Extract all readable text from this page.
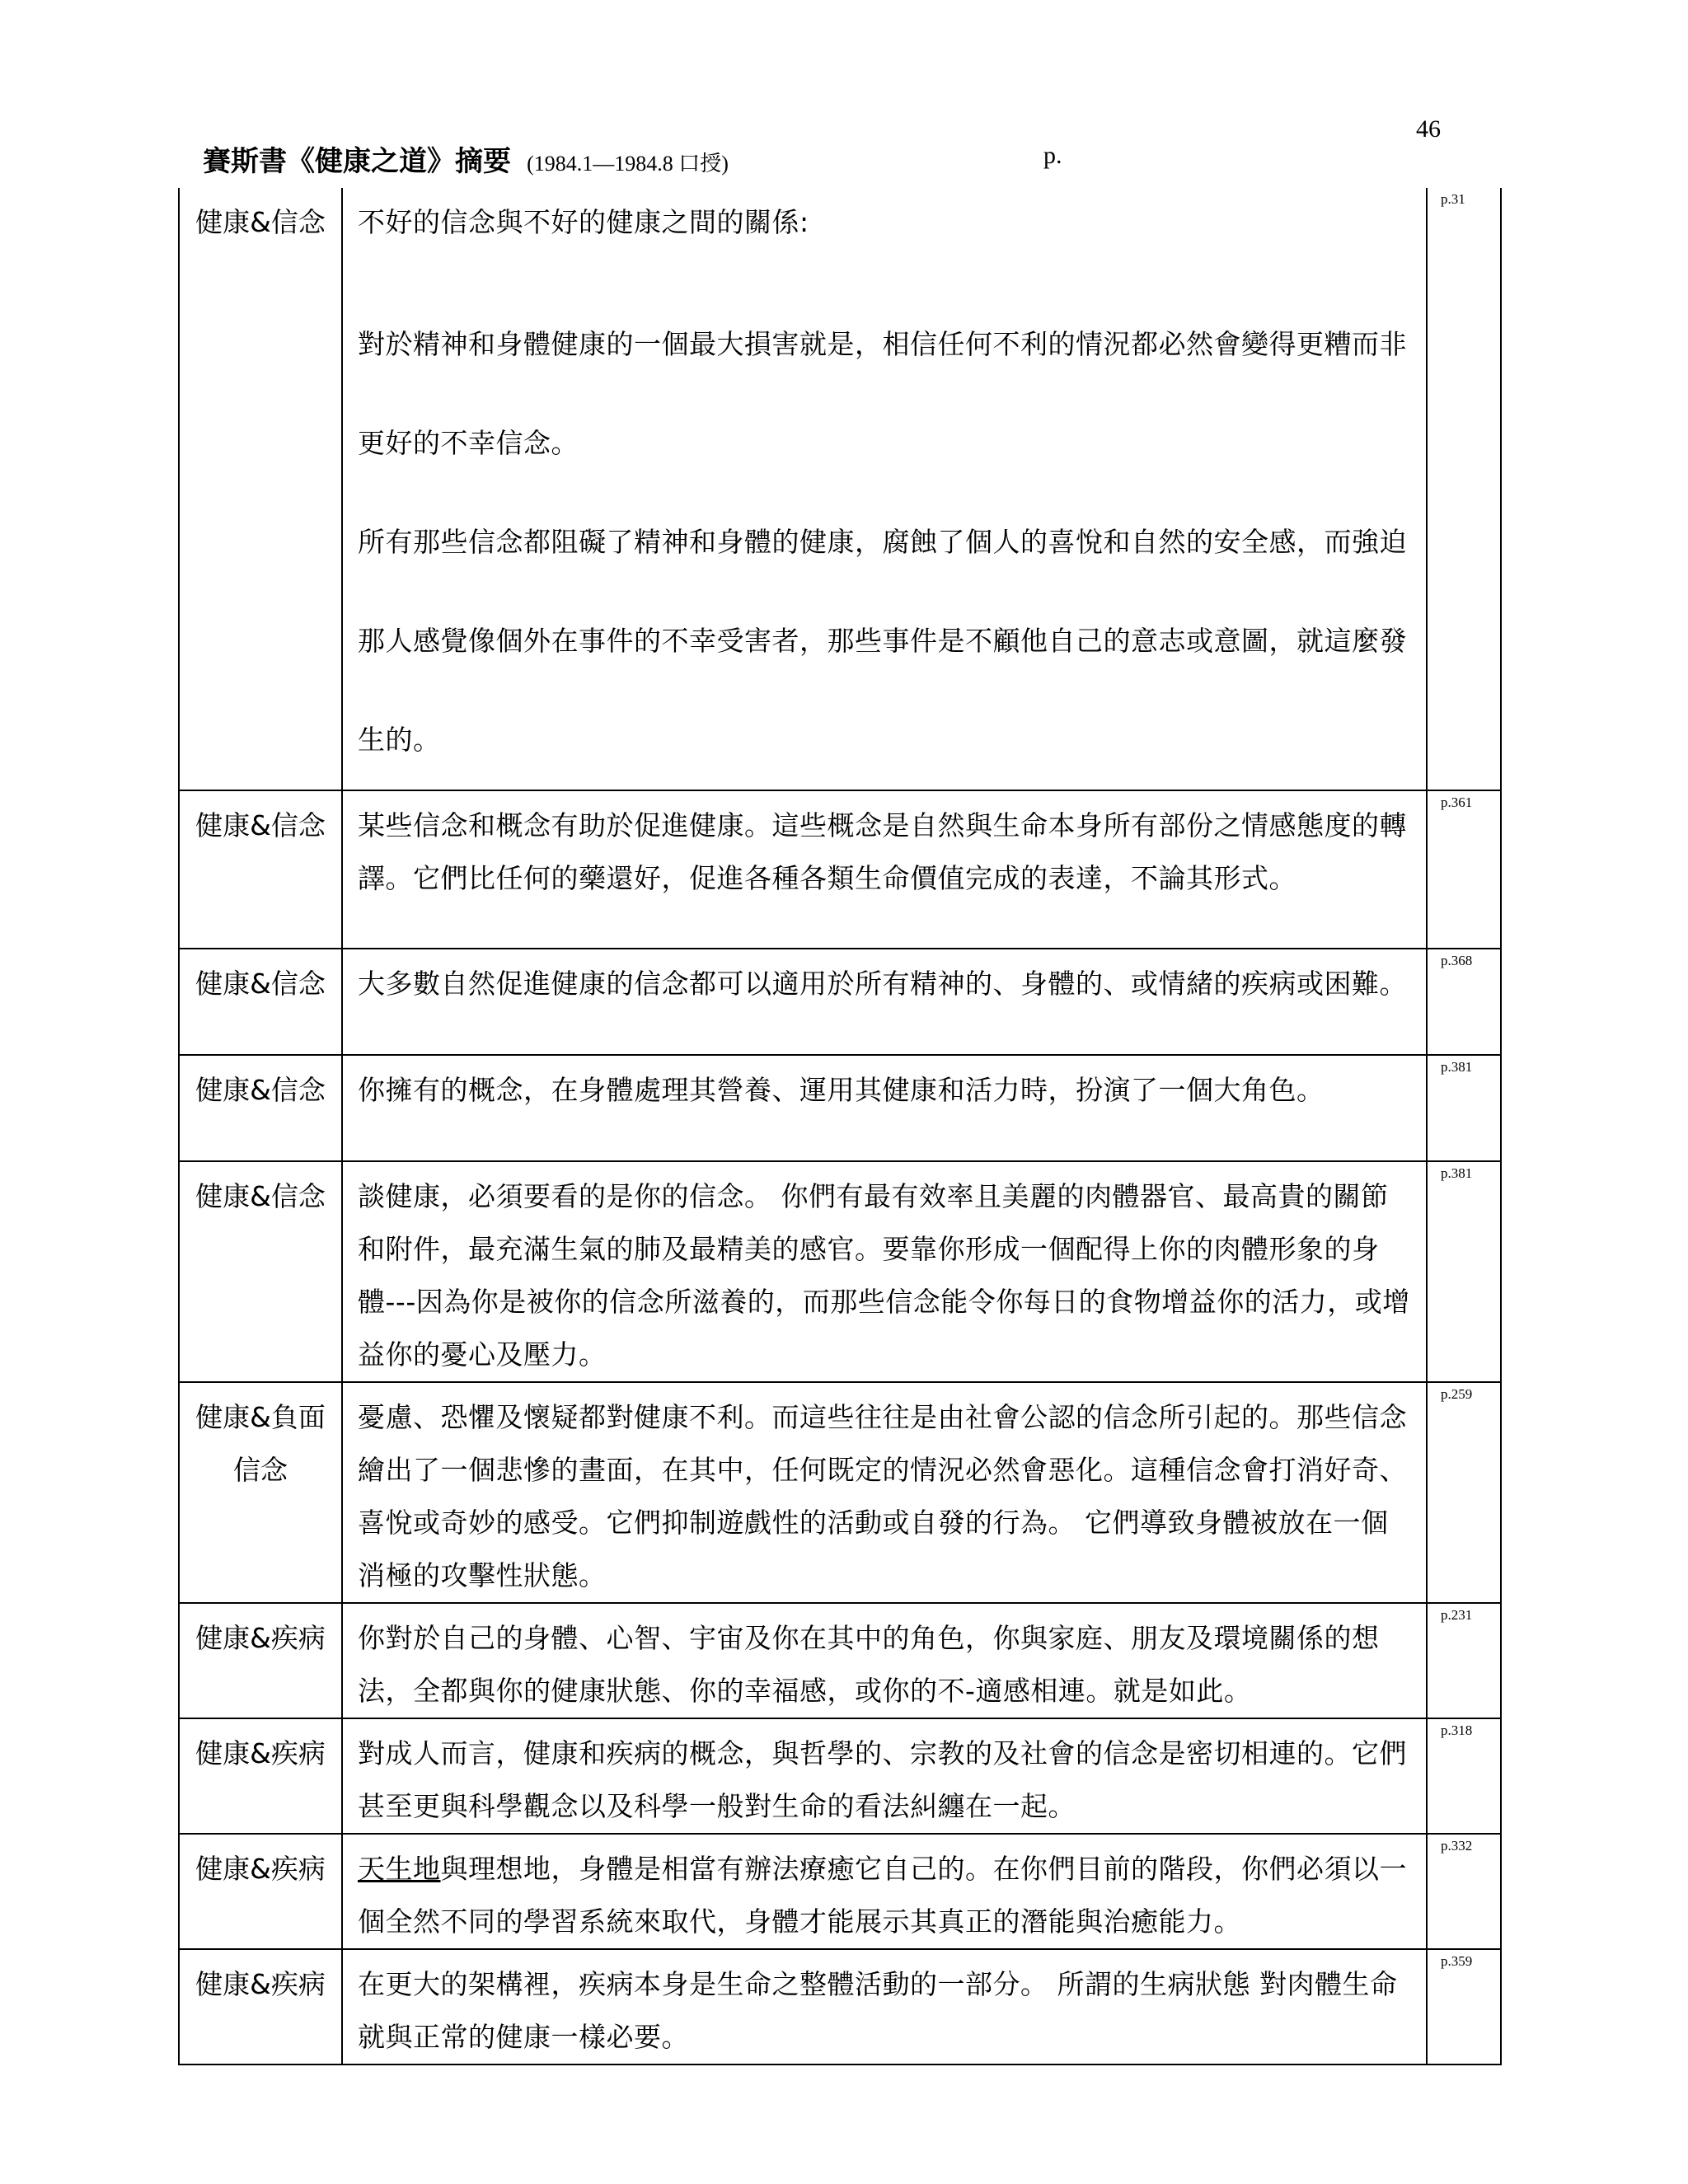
46
賽斯書《健康之道》摘要 (1984.1—1984.8 口授)	p.
健康&信念	不好的信念與不好的健康之間的關係:

對於精神和身體健康的一個最大損害就是，相信任何不利的情況都必然會變得更糟而非更好的不幸信念。

所有那些信念都阻礙了精神和身體的健康，腐蝕了個人的喜悅和自然的安全感，而強迫那人感覺像個外在事件的不幸受害者，那些事件是不顧他自己的意志或意圖，就這麼發生的。	p.31
健康&信念	某些信念和概念有助於促進健康。這些概念是自然與生命本身所有部份之情感態度的轉譯。它們比任何的藥還好，促進各種各類生命價值完成的表達，不論其形式。	p.361
健康&信念	大多數自然促進健康的信念都可以適用於所有精神的、身體的、或情緒的疾病或困難。	p.368
健康&信念	你擁有的概念，在身體處理其營養、運用其健康和活力時，扮演了一個大角色。	p.381
健康&信念	談健康，必須要看的是你的信念。 你們有最有效率且美麗的肉體器官、最高貴的關節和附件，最充滿生氣的肺及最精美的感官。要靠你形成一個配得上你的肉體形象的身體---因為你是被你的信念所滋養的，而那些信念能令你每日的食物增益你的活力，或增益你的憂心及壓力。	p.381
健康&負面信念	憂慮、恐懼及懷疑都對健康不利。而這些往往是由社會公認的信念所引起的。那些信念繪出了一個悲慘的畫面，在其中，任何既定的情況必然會惡化。這種信念會打消好奇、喜悅或奇妙的感受。它們抑制遊戲性的活動或自發的行為。 它們導致身體被放在一個消極的攻擊性狀態。	p.259
健康&疾病	你對於自己的身體、心智、宇宙及你在其中的角色，你與家庭、朋友及環境關係的想法，全都與你的健康狀態、你的幸福感，或你的不-適感相連。就是如此。	p.231
健康&疾病	對成人而言，健康和疾病的概念，與哲學的、宗教的及社會的信念是密切相連的。它們甚至更與科學觀念以及科學一般對生命的看法糾纏在一起。	p.318
健康&疾病	天生地與理想地，身體是相當有辦法療癒它自己的。在你們目前的階段，你們必須以一個全然不同的學習系統來取代，身體才能展示其真正的潛能與治癒能力。	p.332
健康&疾病	在更大的架構裡，疾病本身是生命之整體活動的一部分。 所謂的生病狀態 對肉體生命就與正常的健康一樣必要。	p.359
